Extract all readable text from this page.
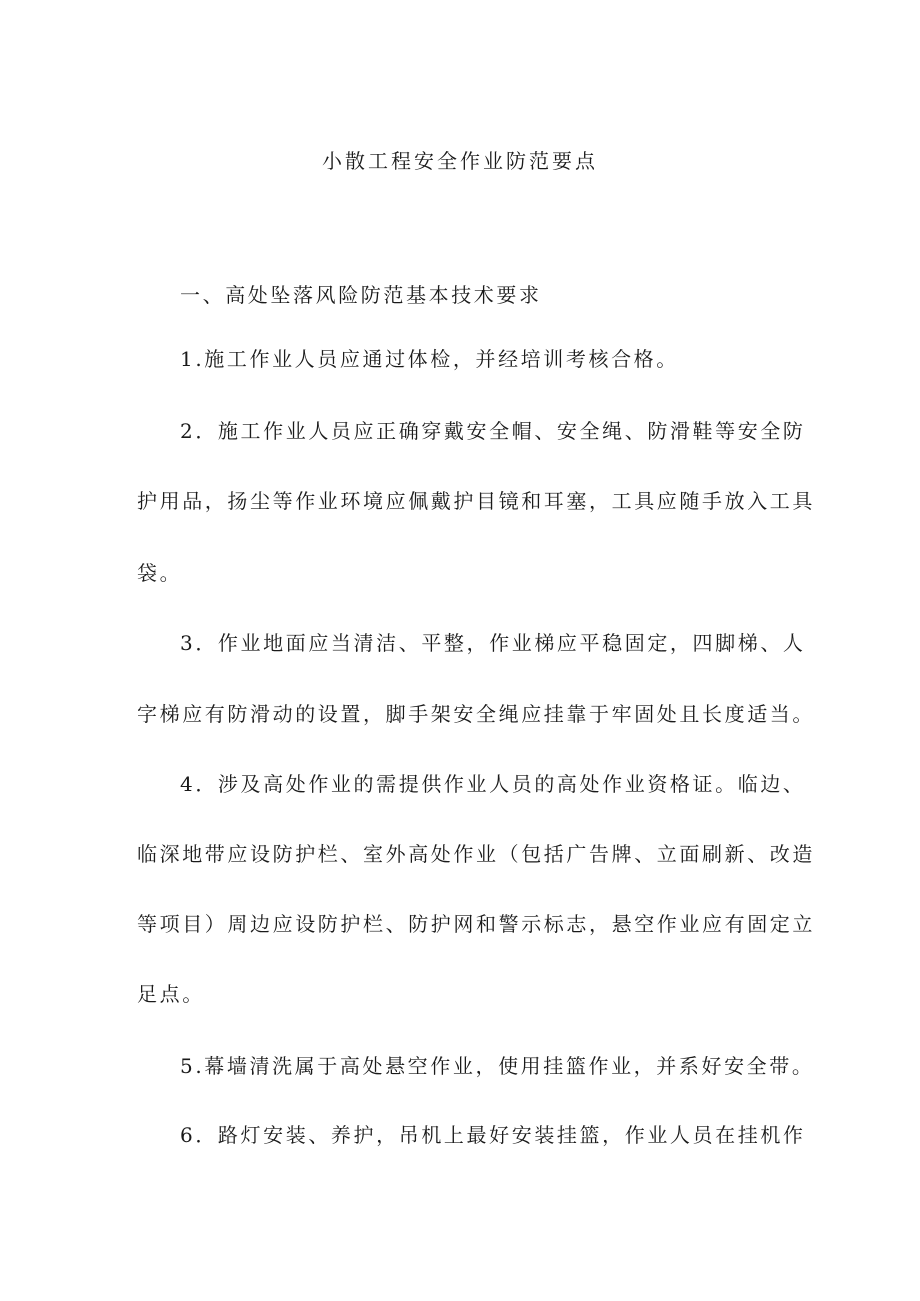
小散工程安全作业防范要点

一、高处坠落风险防范基本技术要求

1.施工作业人员应通过体检，并经培训考核合格。

2．施工作业人员应正确穿戴安全帽、安全绳、防滑鞋等安全防

护用品，扬尘等作业环境应佩戴护目镜和耳塞，工具应随手放入工具

袋。

3．作业地面应当清洁、平整，作业梯应平稳固定，四脚梯、人

字梯应有防滑动的设置，脚手架安全绳应挂靠于牢固处且长度适当。

4．涉及高处作业的需提供作业人员的高处作业资格证。临边、

临深地带应设防护栏、室外高处作业（包括广告牌、立面刷新、改造

等项目）周边应设防护栏、防护网和警示标志，悬空作业应有固定立

足点。

5.幕墙清洗属于高处悬空作业，使用挂篮作业，并系好安全带。

6．路灯安装、养护，吊机上最好安装挂篮，作业人员在挂机作
